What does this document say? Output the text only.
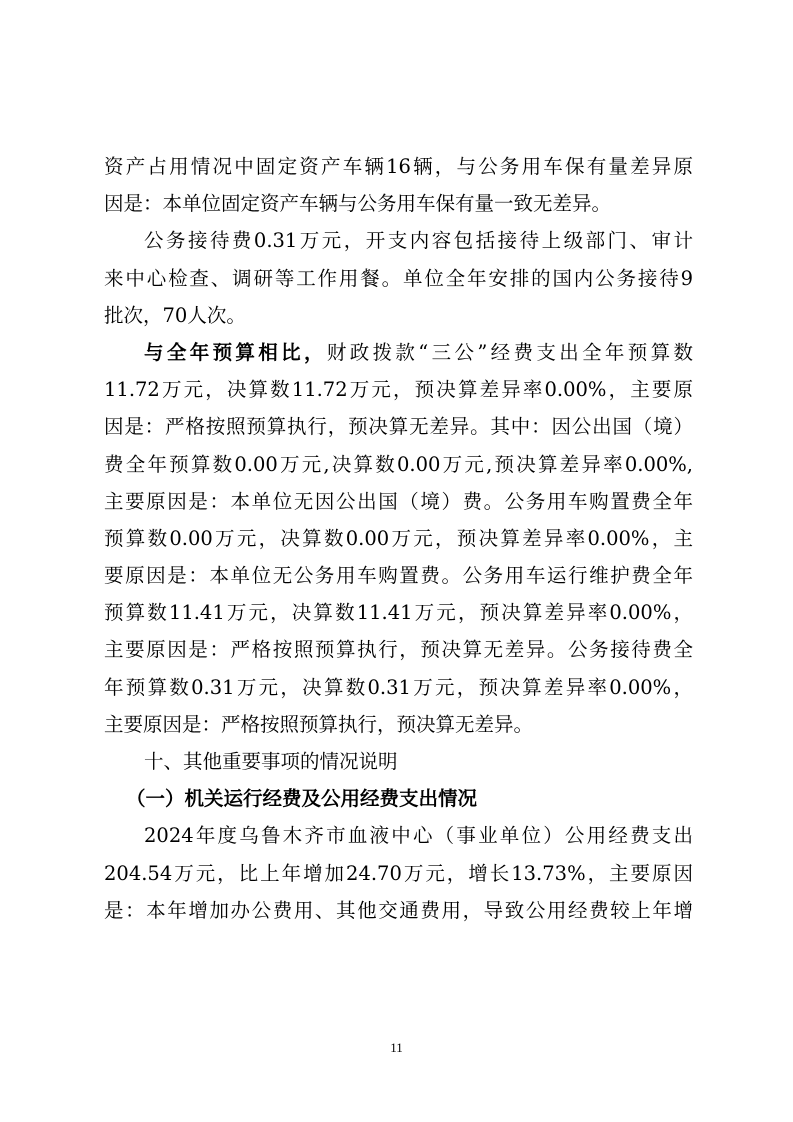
资产占用情况中固定资产车辆16辆，与公务用车保有量差异原
因是：本单位固定资产车辆与公务用车保有量一致无差异。
公务接待费0.31万元，开支内容包括接待上级部门、审计
来中心检查、调研等工作用餐。单位全年安排的国内公务接待9
批次，70人次。
与全年预算相比，财政拨款“三公”经费支出全年预算数
11.72万元，决算数11.72万元，预决算差异率0.00%，主要原
因是：严格按照预算执行，预决算无差异。其中：因公出国（境）
费全年预算数0.00万元,决算数0.00万元,预决算差异率0.00%,
主要原因是：本单位无因公出国（境）费。公务用车购置费全年
预算数0.00万元，决算数0.00万元，预决算差异率0.00%，主
要原因是：本单位无公务用车购置费。公务用车运行维护费全年
预算数11.41万元，决算数11.41万元，预决算差异率0.00%，
主要原因是：严格按照预算执行，预决算无差异。公务接待费全
年预算数0.31万元，决算数0.31万元，预决算差异率0.00%，
主要原因是：严格按照预算执行，预决算无差异。
十、其他重要事项的情况说明
（一）机关运行经费及公用经费支出情况
2024年度乌鲁木齐市血液中心（事业单位）公用经费支出
204.54万元，比上年增加24.70万元，增长13.73%，主要原因
是：本年增加办公费用、其他交通费用，导致公用经费较上年增
11
